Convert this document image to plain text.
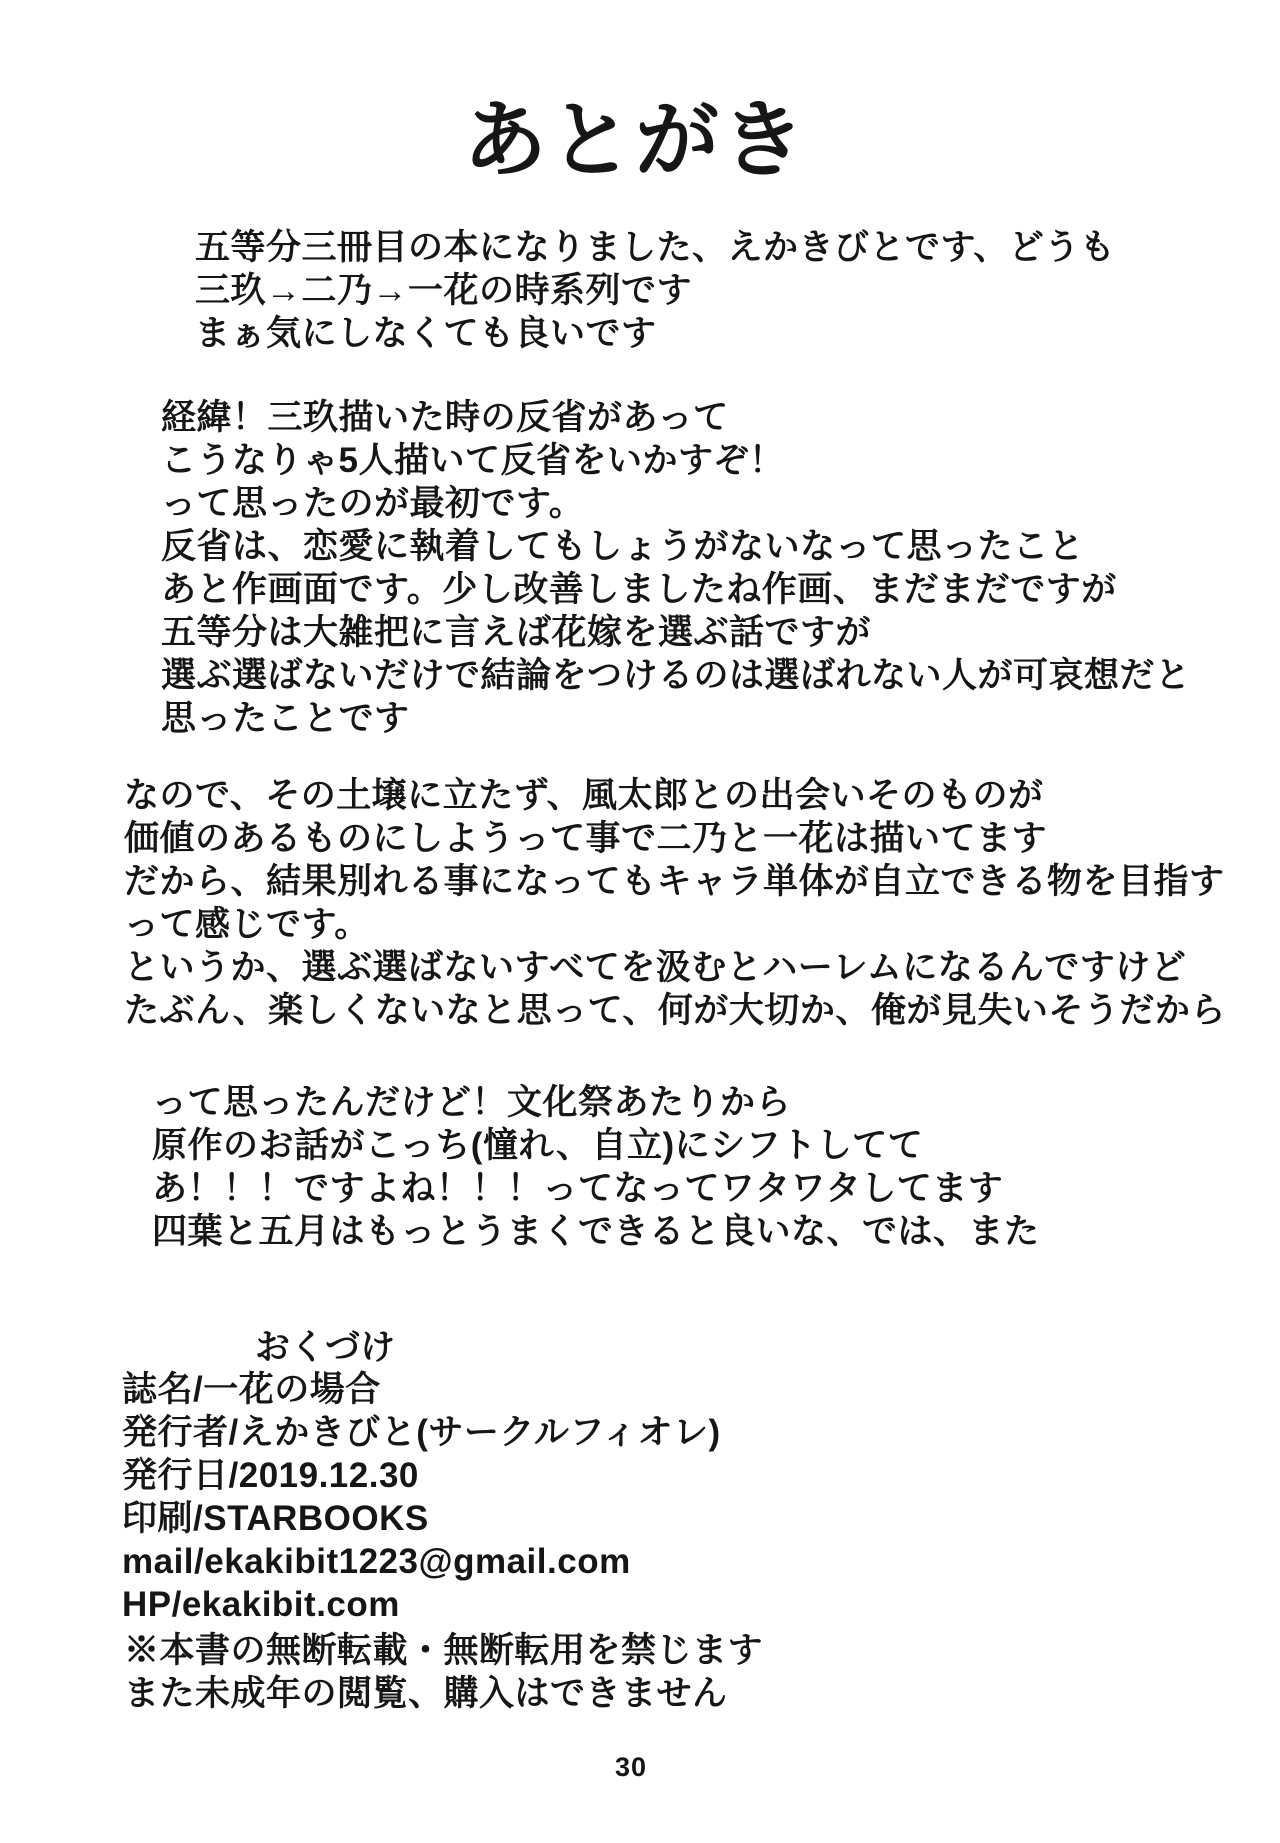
あとがき
五等分三冊目の本になりました、えかきびとです、どうも
三玖→二乃→一花の時系列です
まぁ気にしなくても良いです
経緯！三玖描いた時の反省があって
こうなりゃ5人描いて反省をいかすぞ！
って思ったのが最初です。
反省は、恋愛に執着してもしょうがないなって思ったこと
あと作画面です。少し改善しましたね作画、まだまだですが
五等分は大雑把に言えば花嫁を選ぶ話ですが
選ぶ選ばないだけで結論をつけるのは選ばれない人が可哀想だと
思ったことです
なので、その土壌に立たず、風太郎との出会いそのものが
価値のあるものにしようって事で二乃と一花は描いてます
だから、結果別れる事になってもキャラ単体が自立できる物を目指す
って感じです。
というか、選ぶ選ばないすべてを汲むとハーレムになるんですけど
たぶん、楽しくないなと思って、何が大切か、俺が見失いそうだから
って思ったんだけど！文化祭あたりから
原作のお話がこっち(憧れ、自立)にシフトしてて
あ！！！ですよね！！！ってなってワタワタしてます
四葉と五月はもっとうまくできると良いな、では、また
おくづけ
誌名/一花の場合
発行者/えかきびと(サークルフィオレ)
発行日/2019.12.30
印刷/STARBOOKS
mail/ekakibit1223@gmail.com
HP/ekakibit.com
※本書の無断転載・無断転用を禁じます
また未成年の閲覧、購入はできません
30
